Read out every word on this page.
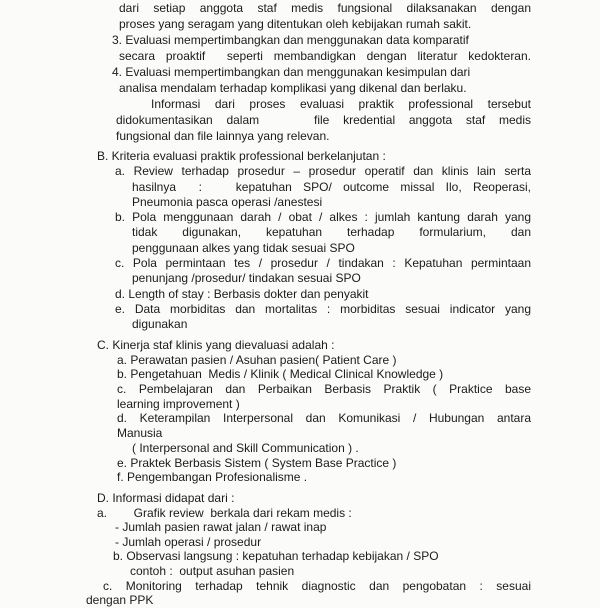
dari setiap anggota staf medis fungsional dilaksanakan dengan
proses yang seragam yang ditentukan oleh kebijakan rumah sakit.
3. Evaluasi mempertimbangkan dan menggunakan data komparatif
secara proaktif  seperti membandigkan dengan literatur kedokteran.
4. Evaluasi mempertimbangkan dan menggunakan kesimpulan dari
analisa mendalam terhadap komplikasi yang dikenal dan berlaku.
Informasi dari proses evaluasi praktik professional tersebut
didokumentasikan dalam    file kredential anggota staf medis
fungsional dan file lainnya yang relevan.
B. Kriteria evaluasi praktik professional berkelanjutan :
a. Review terhadap prosedur – prosedur operatif dan klinis lain serta
hasilnya  :   kepatuhan SPO/ outcome missal Ilo, Reoperasi,
Pneumonia pasca operasi /anestesi
b. Pola menggunaan darah / obat / alkes : jumlah kantung darah yang
tidak digunakan, kepatuhan terhadap formularium, dan
penggunaan alkes yang tidak sesuai SPO
c. Pola permintaan tes / prosedur / tindakan : Kepatuhan permintaan
penunjang /prosedur/ tindakan sesuai SPO
d. Length of stay : Berbasis dokter dan penyakit
e. Data morbiditas dan mortalitas : morbiditas sesuai indicator yang
digunakan
C. Kinerja staf klinis yang dievaluasi adalah :
a. Perawatan pasien / Asuhan pasien( Patient Care )
b. Pengetahuan  Medis / Klinik ( Medical Clinical Knowledge )
c. Pembelajaran dan Perbaikan Berbasis Praktik ( Praktice base
learning improvement )
d. Keterampilan Interpersonal dan Komunikasi / Hubungan antara
Manusia
( Interpersonal and Skill Communication ) .
e. Praktek Berbasis Sistem ( System Base Practice )
f. Pengembangan Profesionalisme .
D. Informasi didapat dari :
a.        Grafik review  berkala dari rekam medis :
- Jumlah pasien rawat jalan / rawat inap
- Jumlah operasi / prosedur
b. Observasi langsung : kepatuhan terhadap kebijakan / SPO
contoh :  output asuhan pasien
c. Monitoring terhadap tehnik diagnostic dan pengobatan : sesuai
dengan PPK
